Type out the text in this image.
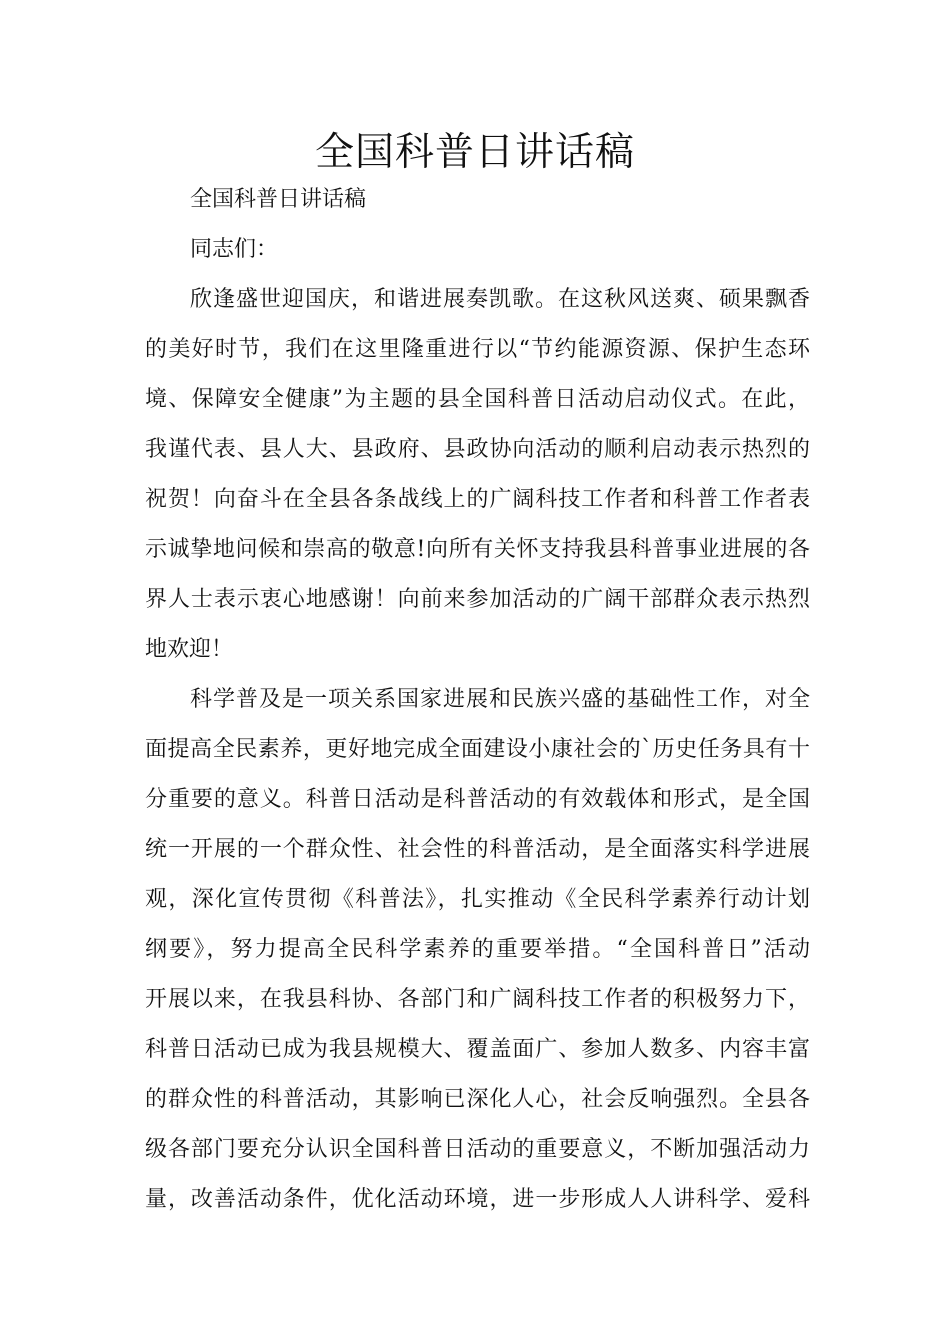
全国科普日讲话稿
全国科普日讲话稿
同志们：
欣逢盛世迎国庆，和谐进展奏凯歌。在这秋风送爽、硕果飘香
的美好时节，我们在这里隆重进行以“节约能源资源、保护生态环
境、保障安全健康”为主题的县全国科普日活动启动仪式。在此，
我谨代表、县人大、县政府、县政协向活动的顺利启动表示热烈的
祝贺！向奋斗在全县各条战线上的广阔科技工作者和科普工作者表
示诚挚地问候和崇高的敬意!向所有关怀支持我县科普事业进展的各
界人士表示衷心地感谢！向前来参加活动的广阔干部群众表示热烈
地欢迎！
科学普及是一项关系国家进展和民族兴盛的基础性工作，对全
面提高全民素养，更好地完成全面建设小康社会的`历史任务具有十
分重要的意义。科普日活动是科普活动的有效载体和形式，是全国
统一开展的一个群众性、社会性的科普活动，是全面落实科学进展
观，深化宣传贯彻《科普法》，扎实推动《全民科学素养行动计划
纲要》，努力提高全民科学素养的重要举措。“全国科普日”活动
开展以来，在我县科协、各部门和广阔科技工作者的积极努力下，
科普日活动已成为我县规模大、覆盖面广、参加人数多、内容丰富
的群众性的科普活动，其影响已深化人心，社会反响强烈。全县各
级各部门要充分认识全国科普日活动的重要意义，不断加强活动力
量，改善活动条件，优化活动环境，进一步形成人人讲科学、爱科
